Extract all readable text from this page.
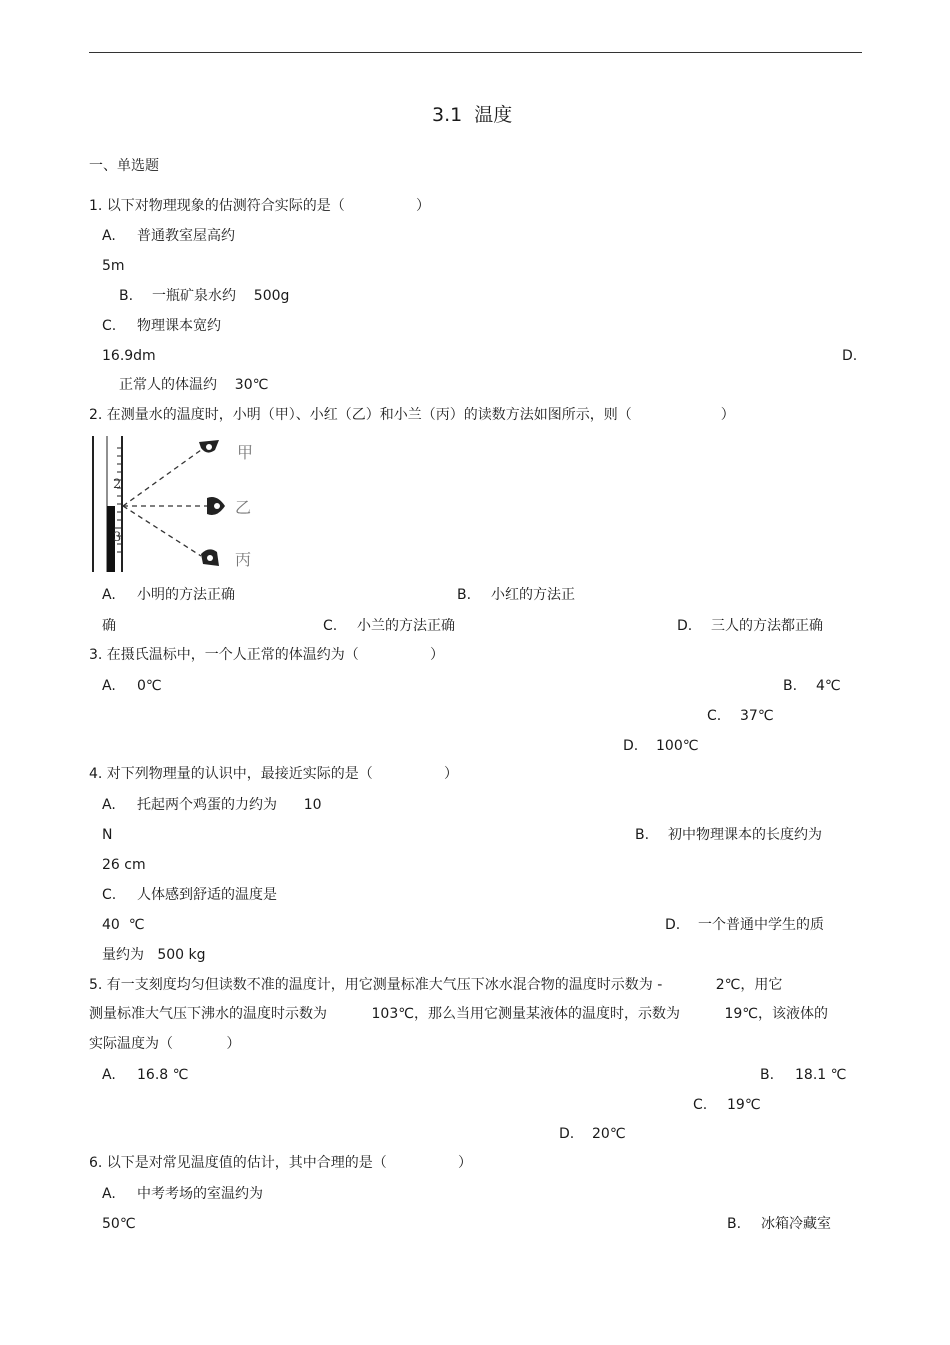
3.1  温度
一、单选题
1. 以下对物理现象的估测符合实际的是（                ）
A. 普通教室屋高约
5m
B. 一瓶矿泉水约    500g
C. 物理课本宽约
16.9dm	D.
正常人的体温约    30℃
2. 在测量水的温度时，小明（甲）、小红（乙）和小兰（丙）的读数方法如图所示，则（                    ）
2
3
甲
乙
丙
A. 小明的方法正确	B. 小红的方法正
确	C. 小兰的方法正确	D. 三人的方法都正确
3. 在摄氏温标中，一个人正常的体温约为（                ）
A. 0℃	B. 4℃
C. 37℃
D. 100℃
4. 对下列物理量的认识中，最接近实际的是（                ）
A. 托起两个鸡蛋的力约为      10
N	B. 初中物理课本的长度约为
26 cm
C. 人体感到舒适的温度是
40  ℃	D. 一个普通中学生的质
量约为   500 kg
5. 有一支刻度均匀但读数不准的温度计，用它测量标准大气压下冰水混合物的温度时示数为 -            2℃，用它
测量标准大气压下沸水的温度时示数为          103℃，那么当用它测量某液体的温度时，示数为          19℃，该液体的
实际温度为（            ）
A. 16.8 ℃	B. 18.1 ℃
C. 19℃
D. 20℃
6. 以下是对常见温度值的估计，其中合理的是（                ）
A. 中考考场的室温约为
50℃	B. 冰箱冷藏室
